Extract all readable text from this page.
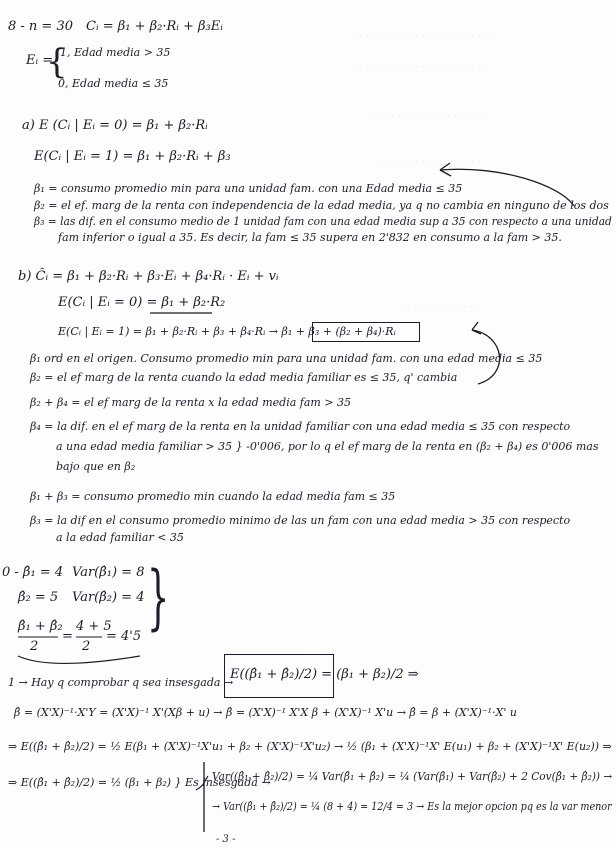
· · · · · · · · · · · · · · · · · · · · ·
· · · · · · · · · · · · · · · · · · · ·
· · · · · · · · · · · · · · · · ·
· · · · · · · · · · · · · · ·
· · · · · · · · · · · ·
8 - n = 30 Cᵢ = β₁ + β₂·Rᵢ + β₃Eᵢ
Eᵢ =
{
1, Edad media > 35
0, Edad media ≤ 35
a) E (Cᵢ | Eᵢ = 0) = β₁ + β₂·Rᵢ
E(Cᵢ | Eᵢ = 1) = β₁ + β₂·Rᵢ + β₃
β₁ = consumo promedio min para una unidad fam. con una Edad media ≤ 35
β₂ = el ef. marg de la renta con independencia de la edad media, ya q no cambia en ninguno de los dos
β₃ = las dif. en el consumo medio de 1 unidad fam con una edad media sup a 35 con respecto a una unidad
fam inferior o igual a 35. Es decir, la fam ≤ 35 supera en 2'832 en consumo a la fam > 35.
b) Ĉᵢ = β₁ + β₂·Rᵢ + β₃·Eᵢ + β₄·Rᵢ · Eᵢ + vᵢ
E(Cᵢ | Eᵢ = 0) = β₁ + β₂·R₂
E(Cᵢ | Eᵢ = 1) = β₁ + β₂·Rᵢ + β₃ + β₄·Rᵢ → β₁ + β₃ + (β₂ + β₄)·Rᵢ
β₁ ord en el origen. Consumo promedio min para una unidad fam. con una edad media ≤ 35
β₂ = el ef marg de la renta cuando la edad media familiar es ≤ 35, q' cambia
β₂ + β₄ = el ef marg de la renta x la edad media fam > 35
β₄ = la dif. en el ef marg de la renta en la unidad familiar con una edad media ≤ 35 con respecto
a una edad media familiar > 35 } -0'006, por lo q el ef marg de la renta en (β₂ + β₄) es 0'006 mas
bajo que en β₂
β₁ + β₃ = consumo promedio min cuando la edad media fam ≤ 35
β₃ = la dif en el consumo promedio minimo de las un fam con una edad media > 35 con respecto
a la edad familiar < 35
0 - β̂₁ = 4 Var(β̂₁) = 8
β̂₂ = 5 Var(β̂₂) = 4 }
β̂₁ + β̂₂
2
=
4 + 5
2
= 4'5
1 → Hay q comprobar q sea insesgada →
E((β̂₁ + β̂₂)/2) = (β₁ + β₂)/2 ⇒
β̂ = (X'X)⁻¹·X'Y = (X'X)⁻¹ X'(Xβ + u) → β̂ = (X'X)⁻¹ X'X β + (X'X)⁻¹ X'u → β̂ = β + (X'X)⁻¹·X' u
⇒ E((β̂₁ + β̂₂)/2) = ½ E(β₁ + (X'X)⁻¹X'u₁ + β₂ + (X'X)⁻¹X'u₂) → ½ (β₁ + (X'X)⁻¹X' E(u₁) + β₂ + (X'X)⁻¹X' E(u₂)) ⇒
⇒ E((β̂₁ + β̂₂)/2) = ½ (β₁ + β₂) } Es insesgada →
Var((β̂₁ + β̂₂)/2) = ¼ Var(β̂₁ + β̂₂) = ¼ (Var(β̂₁) + Var(β̂₂) + 2 Cov(β̂₁ + β̂₂)) →
→ Var((β̂₁ + β̂₂)/2) = ¼ (8 + 4) = 12/4 = 3 → Es la mejor opcion pq es la var menor
- 3 -
